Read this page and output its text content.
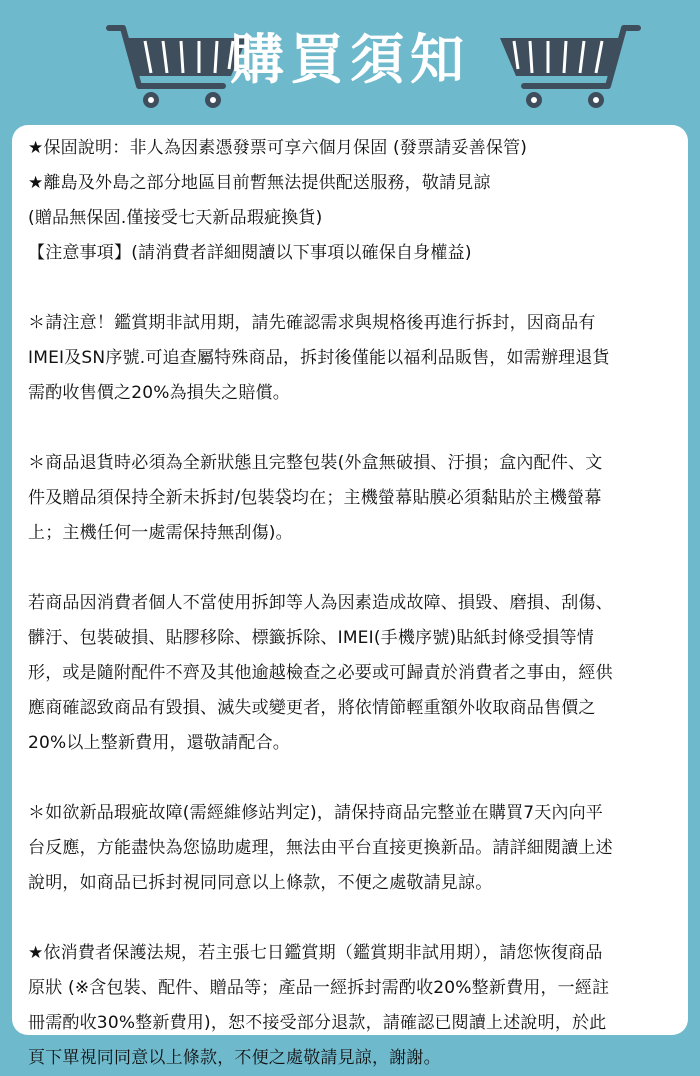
購買須知

★保固說明：非人為因素憑發票可享六個月保固 (發票請妥善保管)

★離島及外島之部分地區目前暫無法提供配送服務，敬請見諒

(贈品無保固.僅接受七天新品瑕疵換貨)

【注意事項】(請消費者詳細閱讀以下事項以確保自身權益)

＊請注意！鑑賞期非試用期，請先確認需求與規格後再進行拆封，因商品有

IMEI及SN序號.可追查屬特殊商品，拆封後僅能以福利品販售，如需辦理退貨

需酌收售價之20%為損失之賠償。

＊商品退貨時必須為全新狀態且完整包裝(外盒無破損、汙損；盒內配件、文

件及贈品須保持全新未拆封/包裝袋均在；主機螢幕貼膜必須黏貼於主機螢幕

上；主機任何一處需保持無刮傷)。

若商品因消費者個人不當使用拆卸等人為因素造成故障、損毀、磨損、刮傷、

髒汙、包裝破損、貼膠移除、標籤拆除、IMEI(手機序號)貼紙封條受損等情

形，或是隨附配件不齊及其他逾越檢查之必要或可歸責於消費者之事由，經供

應商確認致商品有毀損、滅失或變更者，將依情節輕重額外收取商品售價之

20%以上整新費用，還敬請配合。

＊如欲新品瑕疵故障(需經維修站判定)，請保持商品完整並在購買7天內向平

台反應，方能盡快為您協助處理，無法由平台直接更換新品。請詳細閱讀上述

說明，如商品已拆封視同同意以上條款，不便之處敬請見諒。

★依消費者保護法規，若主張七日鑑賞期（鑑賞期非試用期），請您恢復商品

原狀 (※含包裝、配件、贈品等；產品一經拆封需酌收20%整新費用，一經註

冊需酌收30%整新費用)，恕不接受部分退款，請確認已閱讀上述說明，於此

頁下單視同同意以上條款，不便之處敬請見諒，謝謝。
